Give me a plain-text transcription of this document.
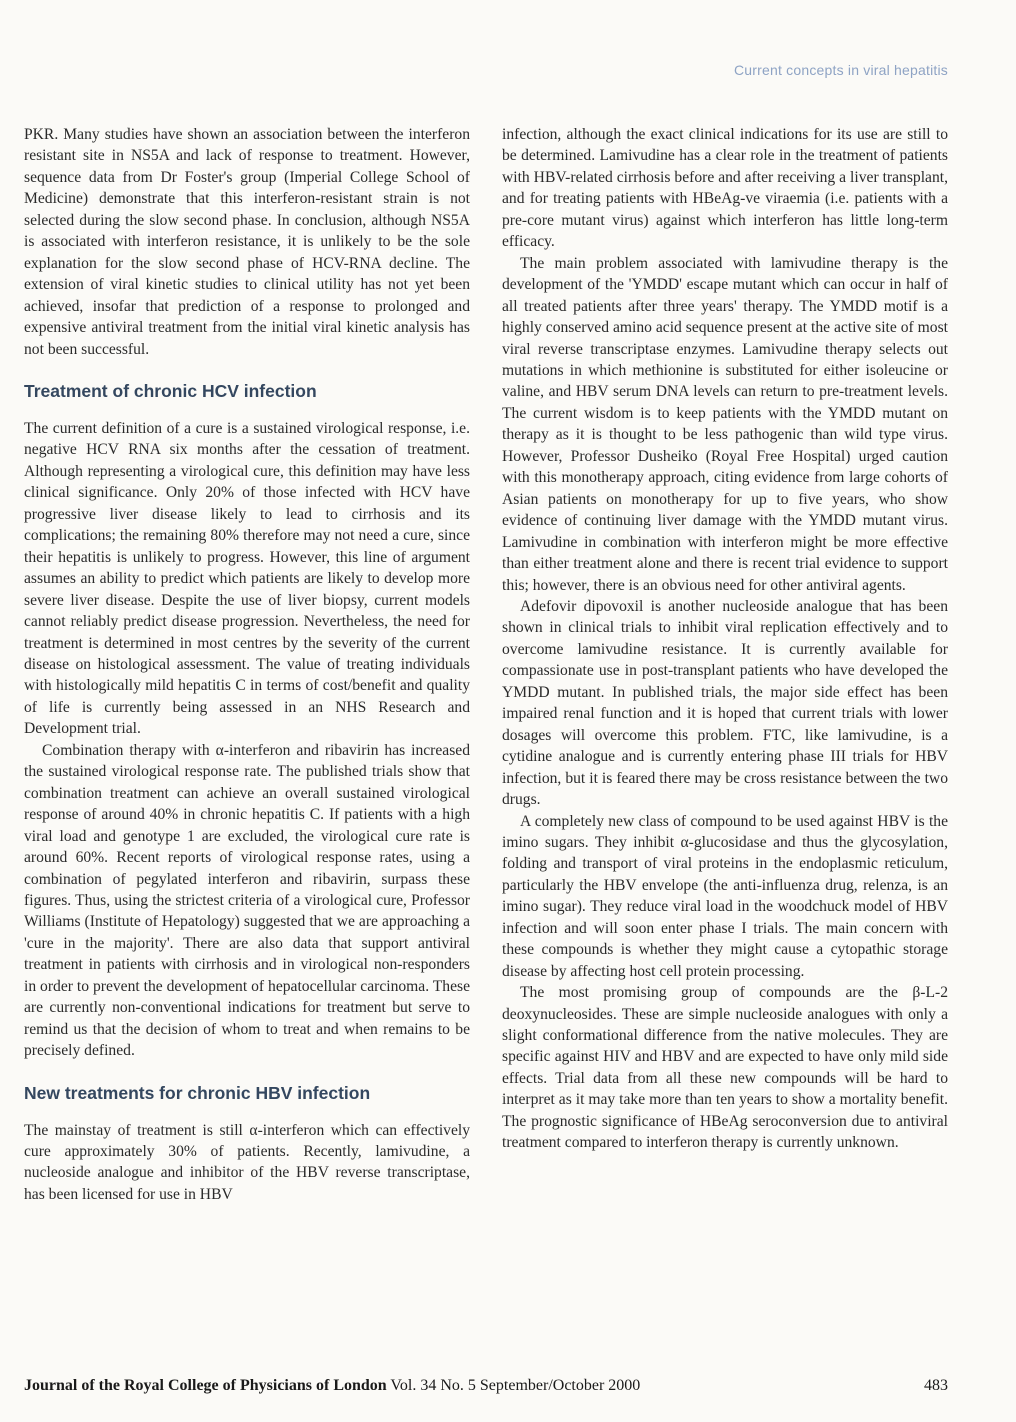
Current concepts in viral hepatitis

PKR. Many studies have shown an association between the interferon resistant site in NS5A and lack of response to treatment. However, sequence data from Dr Foster's group (Imperial College School of Medicine) demonstrate that this interferon-resistant strain is not selected during the slow second phase. In conclusion, although NS5A is associated with interferon resistance, it is unlikely to be the sole explanation for the slow second phase of HCV-RNA decline. The extension of viral kinetic studies to clinical utility has not yet been achieved, insofar that prediction of a response to prolonged and expensive antiviral treatment from the initial viral kinetic analysis has not been successful.

Treatment of chronic HCV infection

The current definition of a cure is a sustained virological response, i.e. negative HCV RNA six months after the cessation of treatment. Although representing a virological cure, this definition may have less clinical significance. Only 20% of those infected with HCV have progressive liver disease likely to lead to cirrhosis and its complications; the remaining 80% therefore may not need a cure, since their hepatitis is unlikely to progress. However, this line of argument assumes an ability to predict which patients are likely to develop more severe liver disease. Despite the use of liver biopsy, current models cannot reliably predict disease progression. Nevertheless, the need for treatment is determined in most centres by the severity of the current disease on histological assessment. The value of treating individuals with histologically mild hepatitis C in terms of cost/benefit and quality of life is currently being assessed in an NHS Research and Development trial.

Combination therapy with α-interferon and ribavirin has increased the sustained virological response rate. The published trials show that combination treatment can achieve an overall sustained virological response of around 40% in chronic hepatitis C. If patients with a high viral load and genotype 1 are excluded, the virological cure rate is around 60%. Recent reports of virological response rates, using a combination of pegylated interferon and ribavirin, surpass these figures. Thus, using the strictest criteria of a virological cure, Professor Williams (Institute of Hepatology) suggested that we are approaching a 'cure in the majority'. There are also data that support antiviral treatment in patients with cirrhosis and in virological non-responders in order to prevent the development of hepatocellular carcinoma. These are currently non-conventional indications for treatment but serve to remind us that the decision of whom to treat and when remains to be precisely defined.

New treatments for chronic HBV infection

The mainstay of treatment is still α-interferon which can effectively cure approximately 30% of patients. Recently, lamivudine, a nucleoside analogue and inhibitor of the HBV reverse transcriptase, has been licensed for use in HBV

infection, although the exact clinical indications for its use are still to be determined. Lamivudine has a clear role in the treatment of patients with HBV-related cirrhosis before and after receiving a liver transplant, and for treating patients with HBeAg-ve viraemia (i.e. patients with a pre-core mutant virus) against which interferon has little long-term efficacy.

The main problem associated with lamivudine therapy is the development of the 'YMDD' escape mutant which can occur in half of all treated patients after three years' therapy. The YMDD motif is a highly conserved amino acid sequence present at the active site of most viral reverse transcriptase enzymes. Lamivudine therapy selects out mutations in which methionine is substituted for either isoleucine or valine, and HBV serum DNA levels can return to pre-treatment levels. The current wisdom is to keep patients with the YMDD mutant on therapy as it is thought to be less pathogenic than wild type virus. However, Professor Dusheiko (Royal Free Hospital) urged caution with this monotherapy approach, citing evidence from large cohorts of Asian patients on monotherapy for up to five years, who show evidence of continuing liver damage with the YMDD mutant virus. Lamivudine in combination with interferon might be more effective than either treatment alone and there is recent trial evidence to support this; however, there is an obvious need for other antiviral agents.

Adefovir dipovoxil is another nucleoside analogue that has been shown in clinical trials to inhibit viral replication effectively and to overcome lamivudine resistance. It is currently available for compassionate use in post-transplant patients who have developed the YMDD mutant. In published trials, the major side effect has been impaired renal function and it is hoped that current trials with lower dosages will overcome this problem. FTC, like lamivudine, is a cytidine analogue and is currently entering phase III trials for HBV infection, but it is feared there may be cross resistance between the two drugs.

A completely new class of compound to be used against HBV is the imino sugars. They inhibit α-glucosidase and thus the glycosylation, folding and transport of viral proteins in the endoplasmic reticulum, particularly the HBV envelope (the anti-influenza drug, relenza, is an imino sugar). They reduce viral load in the woodchuck model of HBV infection and will soon enter phase I trials. The main concern with these compounds is whether they might cause a cytopathic storage disease by affecting host cell protein processing.

The most promising group of compounds are the β-L-2 deoxynucleosides. These are simple nucleoside analogues with only a slight conformational difference from the native molecules. They are specific against HIV and HBV and are expected to have only mild side effects. Trial data from all these new compounds will be hard to interpret as it may take more than ten years to show a mortality benefit. The prognostic significance of HBeAg seroconversion due to antiviral treatment compared to interferon therapy is currently unknown.

Journal of the Royal College of Physicians of London Vol. 34 No. 5 September/October 2000	483
